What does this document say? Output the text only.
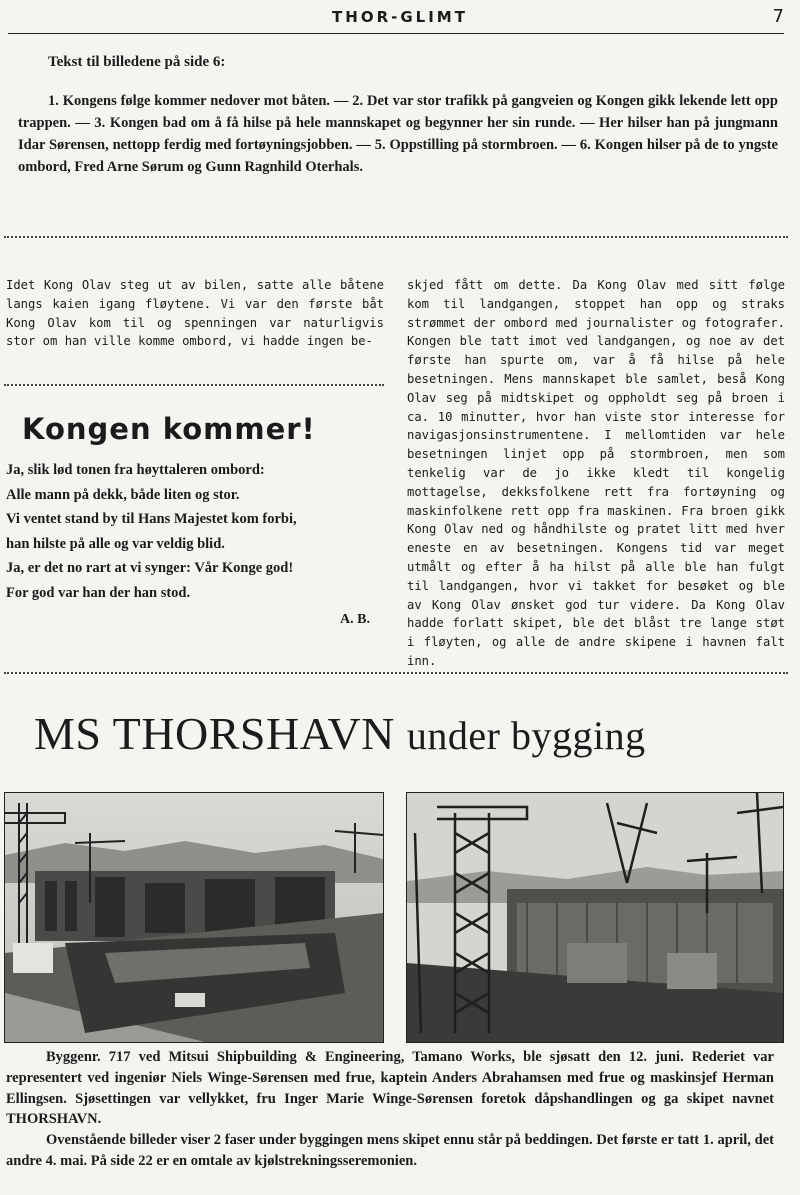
THOR-GLIMT	7
Tekst til billedene på side 6:
1. Kongens følge kommer nedover mot båten. — 2. Det var stor trafikk på gangveien og Kongen gikk lekende lett opp trappen. — 3. Kongen bad om å få hilse på hele mannskapet og begynner her sin runde. — Her hilser han på jungmann Idar Sørensen, nettopp ferdig med fortøyningsjobben. — 5. Oppstilling på stormbroen. — 6. Kongen hilser på de to yngste ombord, Fred Arne Sørum og Gunn Ragnhild Oterhals.
Idet Kong Olav steg ut av bilen, satte alle båtene langs kaien igang fløytene. Vi var den første båt Kong Olav kom til og spenningen var naturligvis stor om han ville komme ombord, vi hadde ingen be-
skjed fått om dette. Da Kong Olav med sitt følge kom til landgangen, stoppet han opp og straks strømmet der ombord med journalister og fotografer. Kongen ble tatt imot ved landgangen, og noe av det første han spurte om, var å få hilse på hele besetningen. Mens mannskapet ble samlet, beså Kong Olav seg på midtskipet og oppholdt seg på broen i ca. 10 minutter, hvor han viste stor interesse for navigasjonsinstrumentene. I mellomtiden var hele besetningen linjet opp på stormbroen, men som tenkelig var de jo ikke kledt til kongelig mottagelse, dekksfolkene rett fra fortøyning og maskinfolkene rett opp fra maskinen. Fra broen gikk Kong Olav ned og håndhilste og pratet litt med hver eneste en av besetningen. Kongens tid var meget utmålt og efter å ha hilst på alle ble han fulgt til landgangen, hvor vi takket for besøket og ble av Kong Olav ønsket god tur videre. Da Kong Olav hadde forlatt skipet, ble det blåst tre lange støt i fløyten, og alle de andre skipene i havnen falt inn.
Kongen kommer!
Ja, slik lød tonen fra høyttaleren ombord:
Alle mann på dekk, både liten og stor.
Vi ventet stand by til Hans Majestet kom forbi,
han hilste på alle og var veldig blid.
Ja, er det no rart at vi synger: Vår Konge god!
For god var han der han stod.
A. B.
MS THORSHAVN under bygging

Byggenr. 717 ved Mitsui Shipbuilding & Engineering, Tamano Works, ble sjøsatt den 12. juni. Rederiet var representert ved ingeniør Niels Winge-Sørensen med frue, kaptein Anders Abrahamsen med frue og maskinsjef Herman Ellingsen. Sjøsettingen var vellykket, fru Inger Marie Winge-Sørensen foretok dåpshandlingen og ga skipet navnet THORSHAVN.

Ovenstående billeder viser 2 faser under byggingen mens skipet ennu står på beddingen. Det første er tatt 1. april, det andre 4. mai. På side 22 er en omtale av kjølstrekningsseremonien.
